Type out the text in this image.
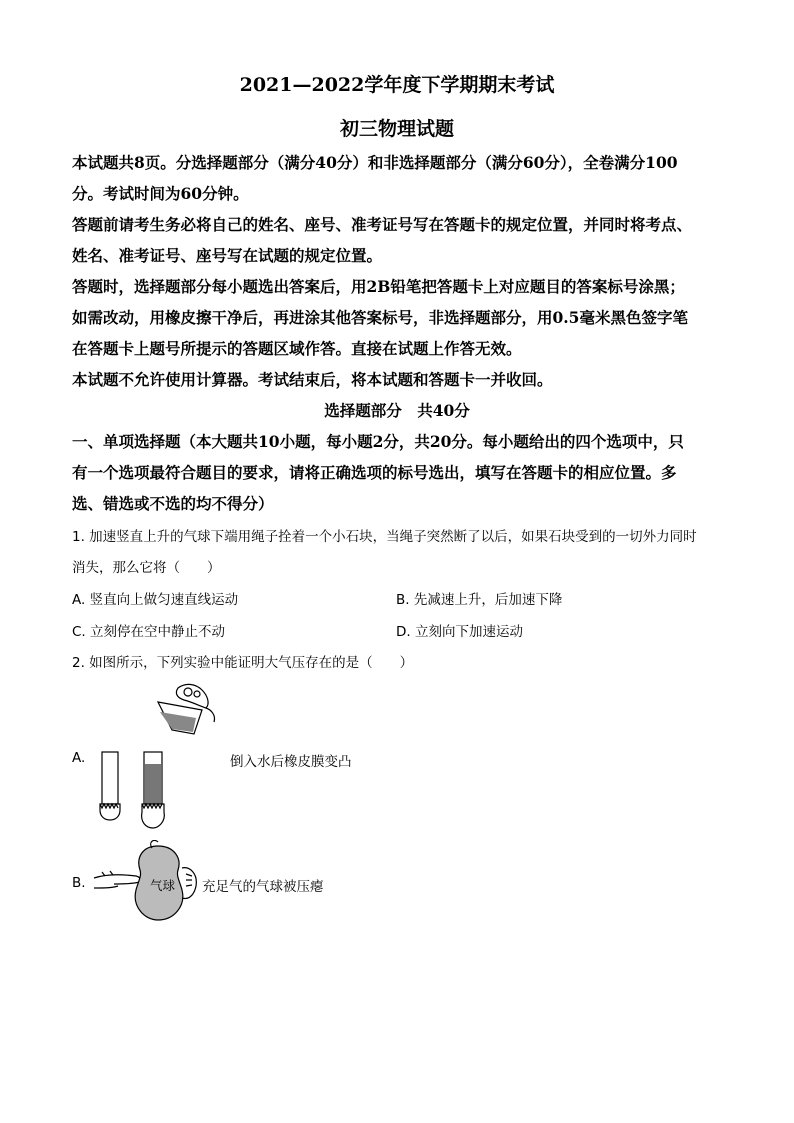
2021—2022学年度下学期期末考试
初三物理试题
本试题共8页。分选择题部分（满分40分）和非选择题部分（满分60分），全卷满分100
分。考试时间为60分钟。
答题前请考生务必将自己的姓名、座号、准考证号写在答题卡的规定位置，并同时将考点、
姓名、准考证号、座号写在试题的规定位置。
答题时，选择题部分每小题选出答案后，用2B铅笔把答题卡上对应题目的答案标号涂黑；
如需改动，用橡皮擦干净后，再进涂其他答案标号，非选择题部分，用0.5毫米黑色签字笔
在答题卡上题号所提示的答题区域作答。直接在试题上作答无效。
本试题不允许使用计算器。考试结束后，将本试题和答题卡一并收回。
选择题部分　共40分
一、单项选择题（本大题共10小题，每小题2分，共20分。每小题给出的四个选项中，只
有一个选项最符合题目的要求，请将正确选项的标号选出，填写在答题卡的相应位置。多
选、错选或不选的均不得分）
1. 加速竖直上升的气球下端用绳子拴着一个小石块，当绳子突然断了以后，如果石块受到的一切外力同时
消失，那么它将（　　）
A. 竖直向上做匀速直线运动	B. 先减速上升，后加速下降
C. 立刻停在空中静止不动	D. 立刻向下加速运动
2. 如图所示，下列实验中能证明大气压存在的是（　　）
A.	倒入水后橡皮膜变凸
B.	气球 充足气的气球被压瘪
